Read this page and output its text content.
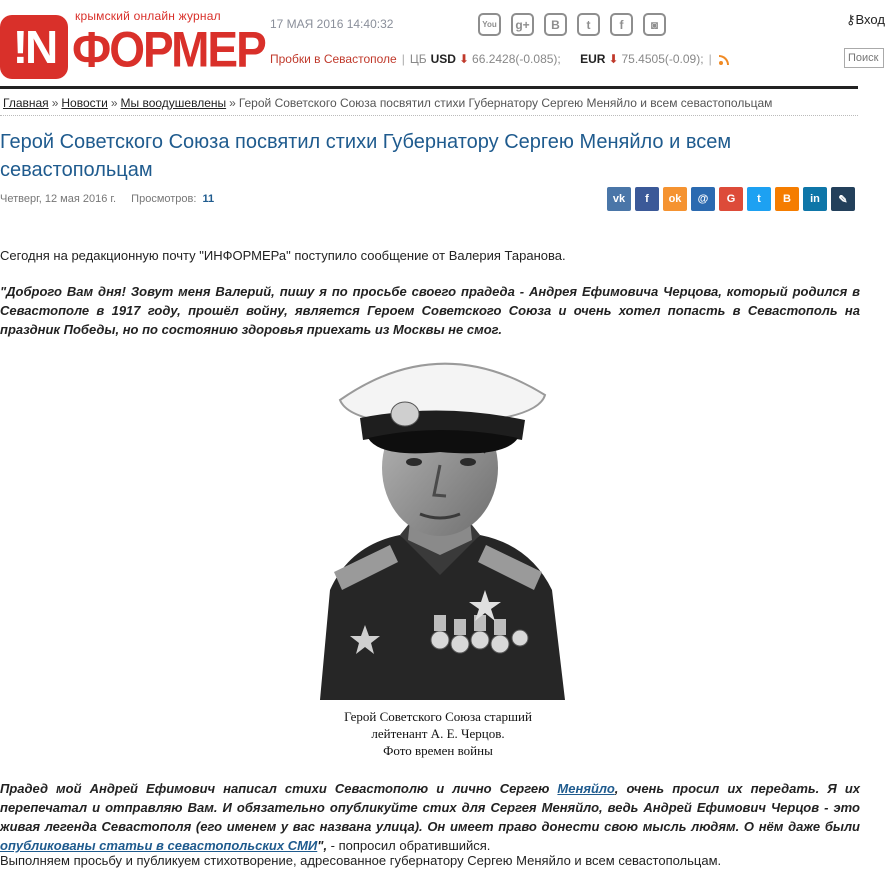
крымский онлайн журнал
!N ФОРМЕР 17 МАЯ 2016 14:40:32	You	g+	B	t	f	◙	⚷Вход
Поиск
Пробки в Севастополе | ЦБ USD ⬇ 66.2428(-0.085);
EUR ⬇ 75.4505(-0.09); |
Главная » Новости » Мы воодушевлены » Герой Советского Союза посвятил стихи Губернатору Сергею Меняйло и всем севастопольцам
Герой Советского Союза посвятил стихи Губернатору Сергею Меняйло и всем севастопольцам
Четверг, 12 мая 2016 г. Просмотров: 11	vk	f	ok	@	G	t	B	in	✎
Сегодня на редакционную почту "ИНФОРМЕРа" поступило сообщение от Валерия Таранова.
"Доброго Вам дня! Зовут меня Валерий, пишу я по просьбе своего прадеда - Андрея Ефимовича Черцова, который родился в Севастополе в 1917 году, прошёл войну, является Героем Советского Союза и очень хотел попасть в Севастополь на праздник Победы, но по состоянию здоровья приехать из Москвы не смог.
Герой Советского Союза старший
лейтенант А. Е. Черцов.
Фото времен войны
Прадед мой Андрей Ефимович написал стихи Севастополю и лично Сергею Меняйло, очень просил их передать. Я их перепечатал и отправляю Вам. И обязательно опубликуйте стих для Сергея Меняйло, ведь Андрей Ефимович Черцов - это живая легенда Севастополя (его именем у вас названа улица). Он имеет право донести свою мысль людям. О нём даже были опубликованы статьи в севастопольских СМИ", - попросил обратившийся.
Выполняем просьбу и публикуем стихотворение, адресованное губернатору Сергею Меняйло и всем севастопольцам.
